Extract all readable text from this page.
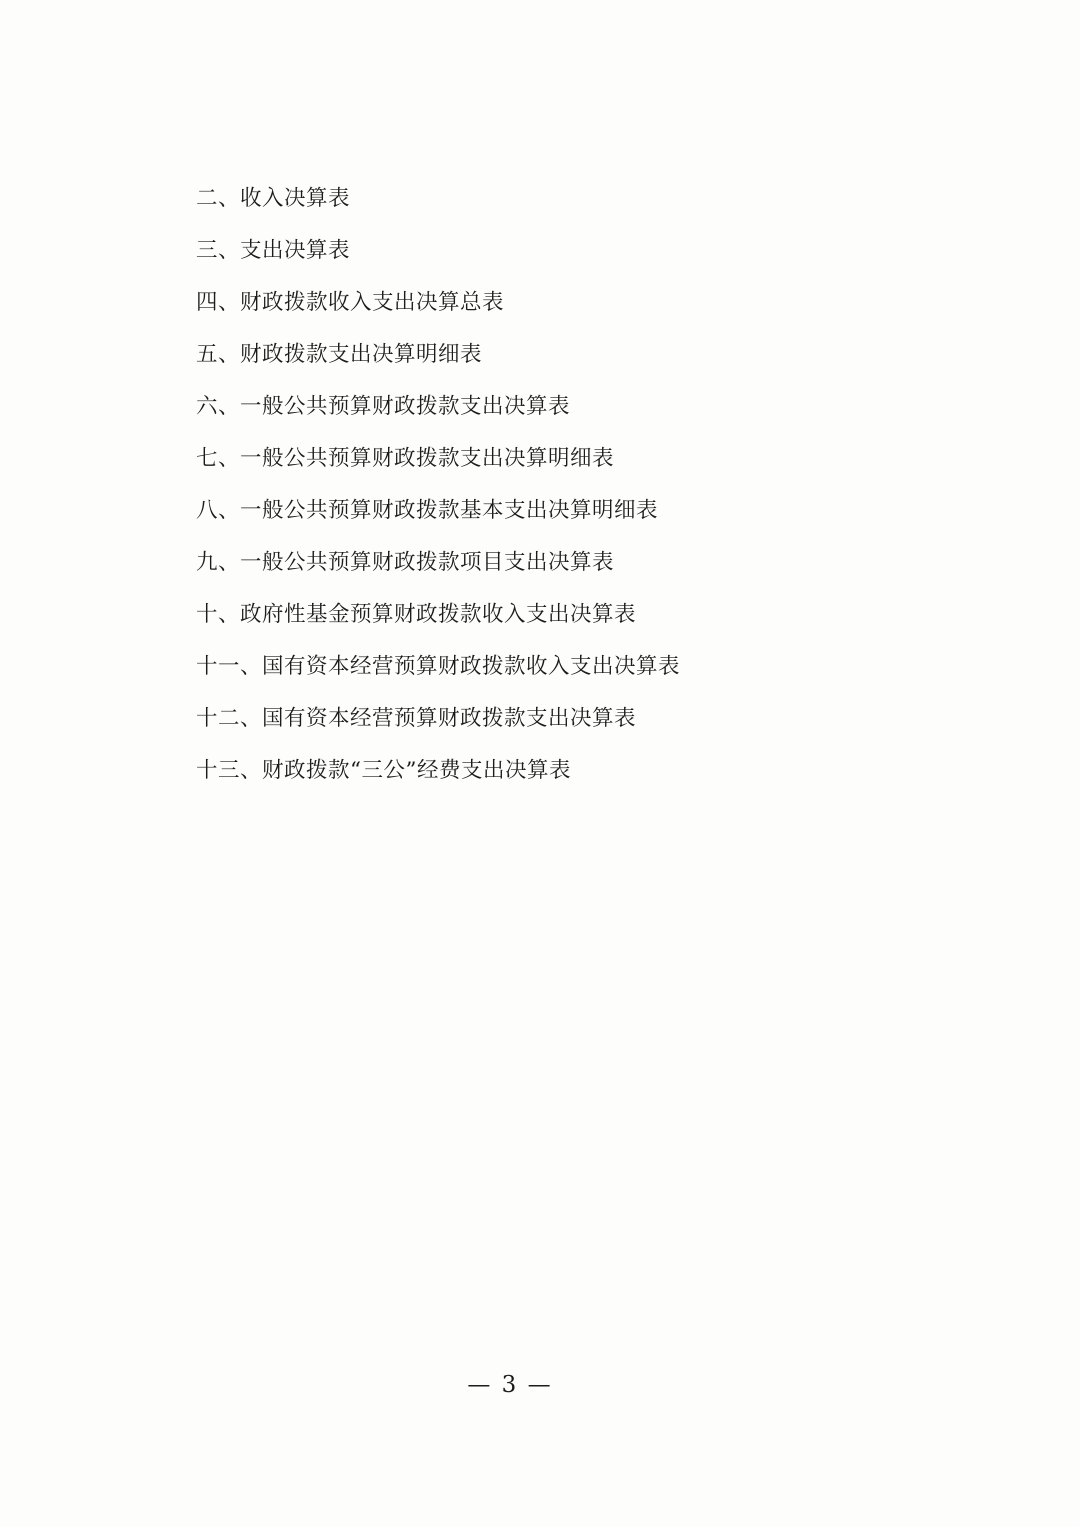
二、收入决算表
三、支出决算表
四、财政拨款收入支出决算总表
五、财政拨款支出决算明细表
六、一般公共预算财政拨款支出决算表
七、一般公共预算财政拨款支出决算明细表
八、一般公共预算财政拨款基本支出决算明细表
九、一般公共预算财政拨款项目支出决算表
十、政府性基金预算财政拨款收入支出决算表
十一、国有资本经营预算财政拨款收入支出决算表
十二、国有资本经营预算财政拨款支出决算表
十三、财政拨款“三公”经费支出决算表
— 3 —
